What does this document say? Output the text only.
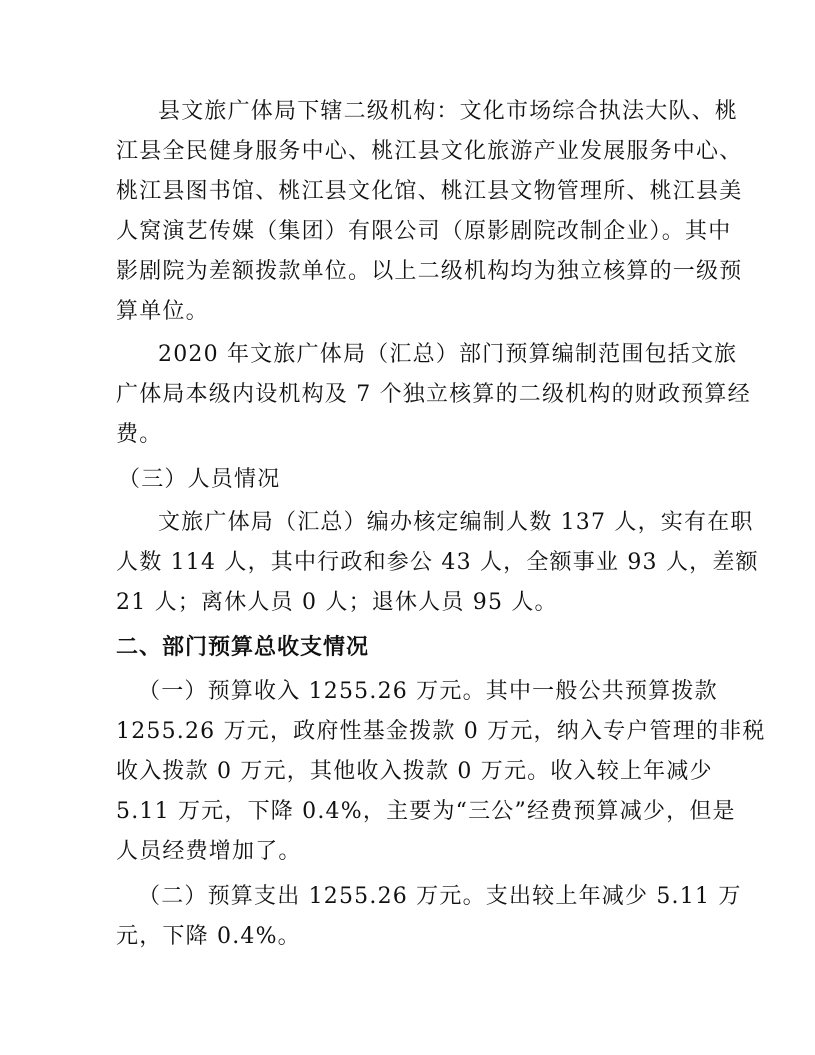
县文旅广体局下辖二级机构：文化市场综合执法大队、桃
江县全民健身服务中心、桃江县文化旅游产业发展服务中心、
桃江县图书馆、桃江县文化馆、桃江县文物管理所、桃江县美
人窝演艺传媒（集团）有限公司（原影剧院改制企业）。其中
影剧院为差额拨款单位。以上二级机构均为独立核算的一级预
算单位。
2020 年文旅广体局（汇总）部门预算编制范围包括文旅
广体局本级内设机构及 7 个独立核算的二级机构的财政预算经
费。
（三）人员情况
文旅广体局（汇总）编办核定编制人数 137 人，实有在职
人数 114 人，其中行政和参公 43 人，全额事业 93 人，差额
21 人；离休人员 0 人；退休人员 95 人。
二、部门预算总收支情况
（一）预算收入 1255.26 万元。其中一般公共预算拨款
1255.26 万元，政府性基金拨款 0 万元，纳入专户管理的非税
收入拨款 0 万元，其他收入拨款 0 万元。收入较上年减少
5.11 万元，下降 0.4%，主要为“三公”经费预算减少，但是
人员经费增加了。
（二）预算支出 1255.26 万元。支出较上年减少 5.11 万
元，下降 0.4%。
